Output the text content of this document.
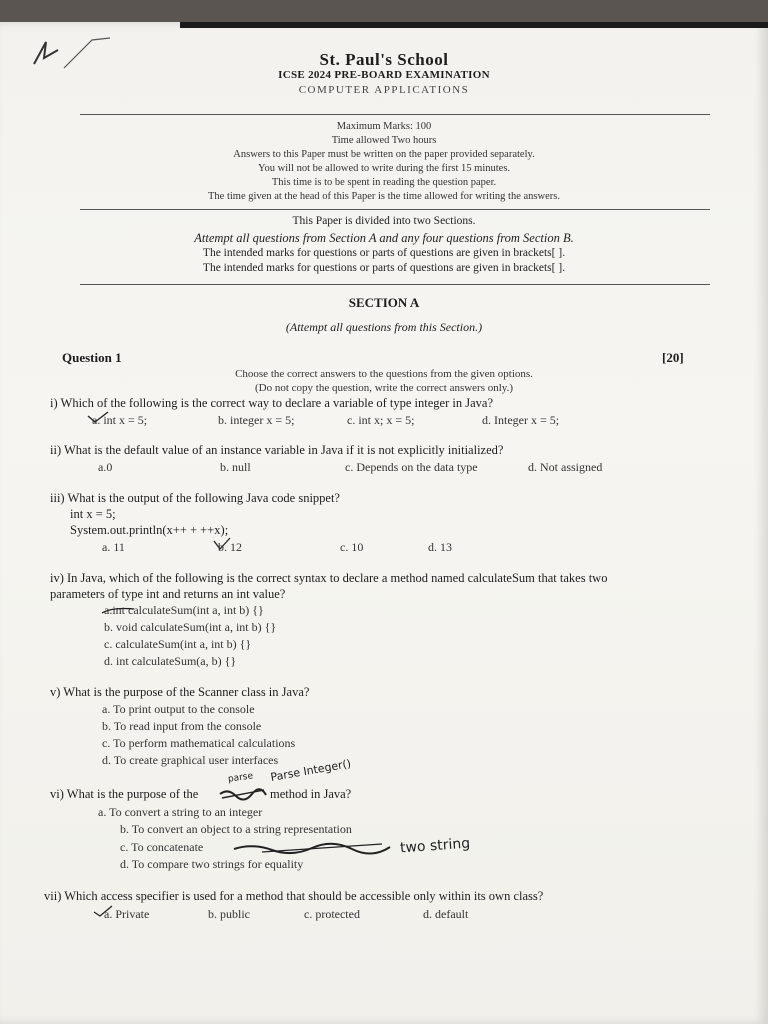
St. Paul's School
ICSE 2024 PRE-BOARD EXAMINATION
COMPUTER APPLICATIONS
Maximum Marks: 100
Time allowed Two hours
Answers to this Paper must be written on the paper provided separately.
You will not be allowed to write during the first 15 minutes.
This time is to be spent in reading the question paper.
The time given at the head of this Paper is the time allowed for writing the answers.
This Paper is divided into two Sections.
Attempt all questions from Section A and any four questions from Section B.
The intended marks for questions or parts of questions are given in brackets[ ].
The intended marks for questions or parts of questions are given in brackets[ ].
SECTION A
(Attempt all questions from this Section.)
Question 1	[20]
Choose the correct answers to the questions from the given options.
(Do not copy the question, write the correct answers only.)
i) Which of the following is the correct way to declare a variable of type integer in Java?
a. int x = 5;	b. integer x = 5;	c. int x; x = 5;	d. Integer x = 5;
ii) What is the default value of an instance variable in Java if it is not explicitly initialized?
a.0	b. null	c. Depends on the data type	d. Not assigned
iii) What is the output of the following Java code snippet?
int x = 5;
System.out.println(x++ + ++x);
a. 11	b. 12	c. 10	d. 13
iv) In Java, which of the following is the correct syntax to declare a method named calculateSum that takes two
parameters of type int and returns an int value?
a.int calculateSum(int a, int b) {}
b. void calculateSum(int a, int b) {}
c. calculateSum(int a, int b) {}
d. int calculateSum(a, b) {}
v) What is the purpose of the Scanner class in Java?
a. To print output to the console
b. To read input from the console
c. To perform mathematical calculations
d. To create graphical user interfaces
parse Parse Integer()
vi) What is the purpose of the	method in Java?
a. To convert a string to an integer
b. To convert an object to a string representation
c. To concatenate	two string
d. To compare two strings for equality
vii) Which access specifier is used for a method that should be accessible only within its own class?
a. Private	b. public	c. protected	d. default
